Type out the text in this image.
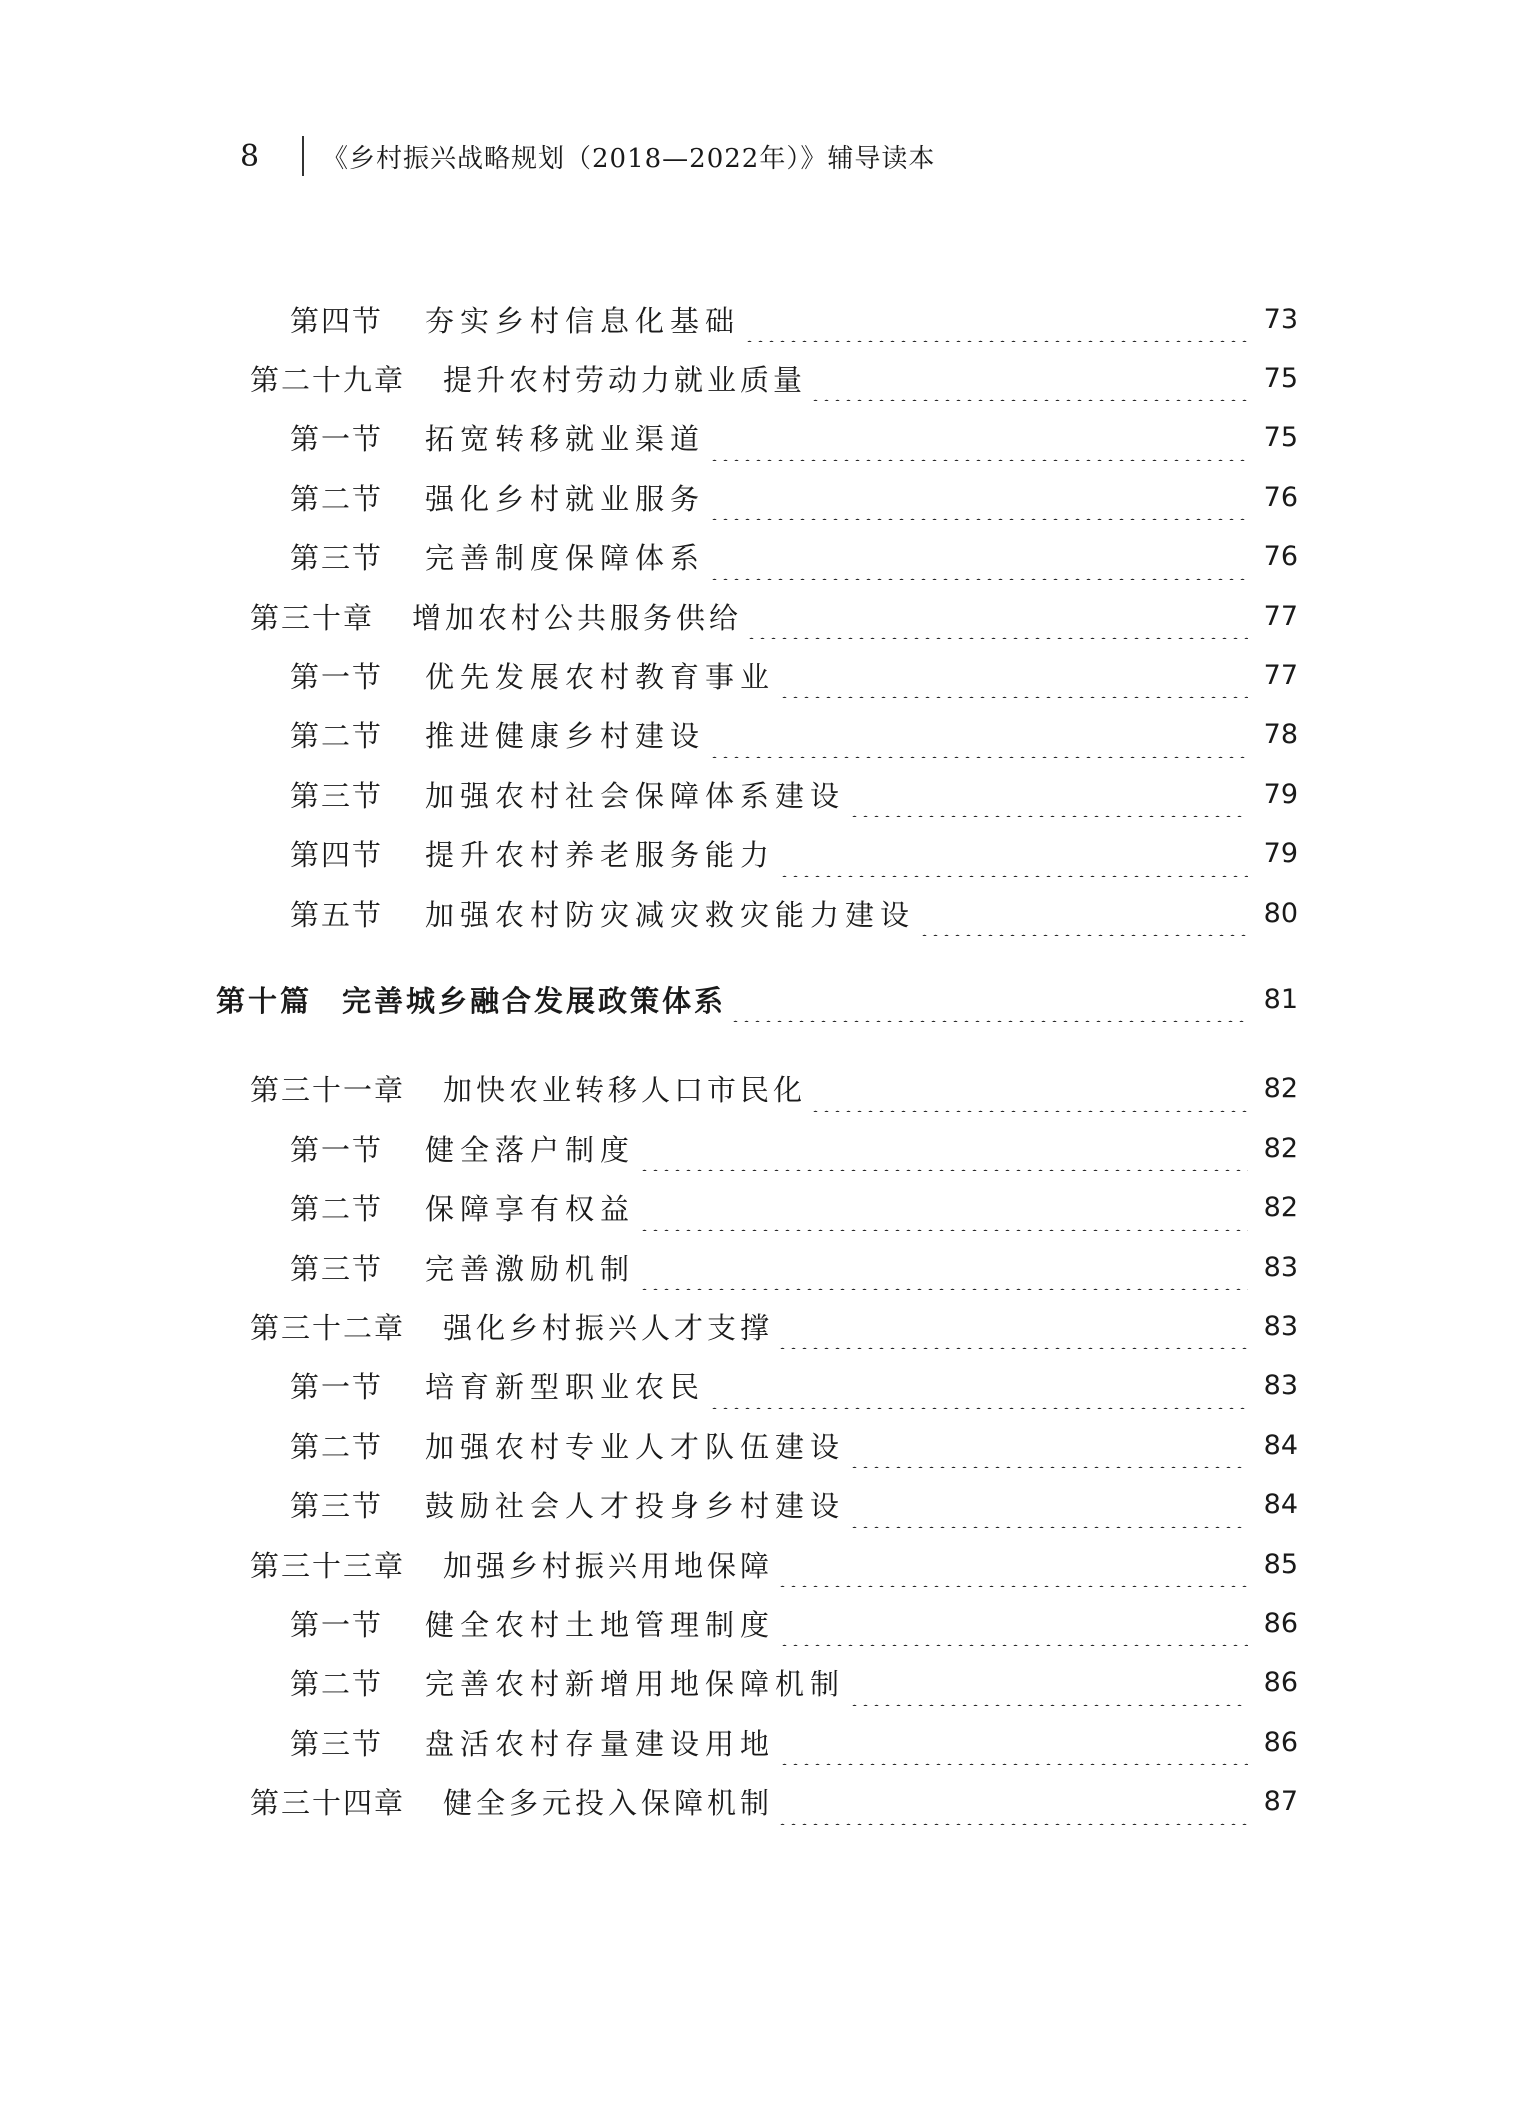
8	《乡村振兴战略规划（2018—2022年）》辅导读本
第四节 夯实乡村信息化基础	73
第二十九章 提升农村劳动力就业质量	75
第一节 拓宽转移就业渠道	75
第二节 强化乡村就业服务	76
第三节 完善制度保障体系	76
第三十章 增加农村公共服务供给	77
第一节 优先发展农村教育事业	77
第二节 推进健康乡村建设	78
第三节 加强农村社会保障体系建设	79
第四节 提升农村养老服务能力	79
第五节 加强农村防灾减灾救灾能力建设	80
第十篇 完善城乡融合发展政策体系	81
第三十一章 加快农业转移人口市民化	82
第一节 健全落户制度	82
第二节 保障享有权益	82
第三节 完善激励机制	83
第三十二章 强化乡村振兴人才支撑	83
第一节 培育新型职业农民	83
第二节 加强农村专业人才队伍建设	84
第三节 鼓励社会人才投身乡村建设	84
第三十三章 加强乡村振兴用地保障	85
第一节 健全农村土地管理制度	86
第二节 完善农村新增用地保障机制	86
第三节 盘活农村存量建设用地	86
第三十四章 健全多元投入保障机制	87
